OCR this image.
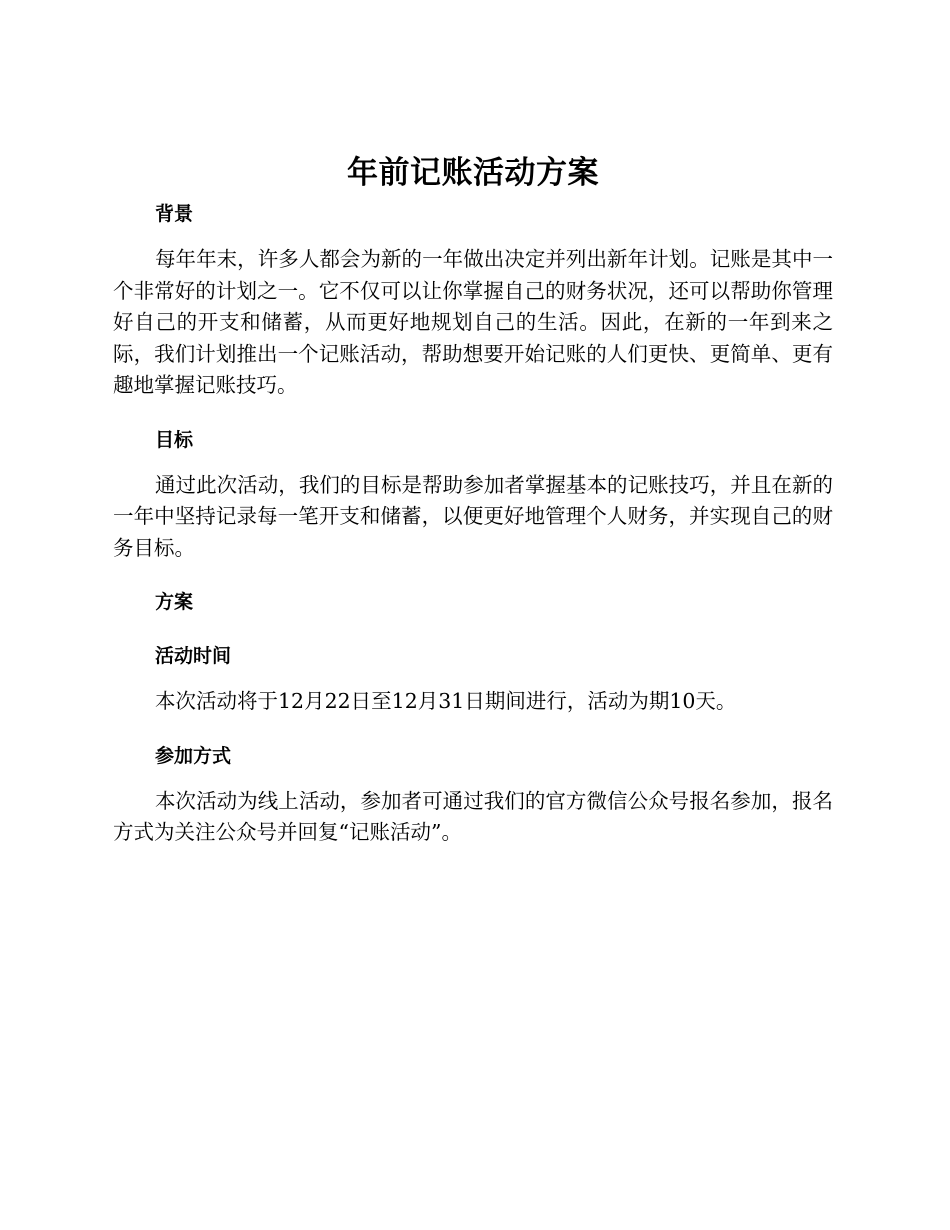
年前记账活动方案
背景

每年年末，许多人都会为新的一年做出决定并列出新年计划。记账是其中一个非常好的计划之一。它不仅可以让你掌握自己的财务状况，还可以帮助你管理好自己的开支和储蓄，从而更好地规划自己的生活。因此，在新的一年到来之际，我们计划推出一个记账活动，帮助想要开始记账的人们更快、更简单、更有趣地掌握记账技巧。

目标

通过此次活动，我们的目标是帮助参加者掌握基本的记账技巧，并且在新的一年中坚持记录每一笔开支和储蓄，以便更好地管理个人财务，并实现自己的财务目标。

方案
活动时间

本次活动将于12月22日至12月31日期间进行，活动为期10天。

参加方式

本次活动为线上活动，参加者可通过我们的官方微信公众号报名参加，报名方式为关注公众号并回复“记账活动”。
